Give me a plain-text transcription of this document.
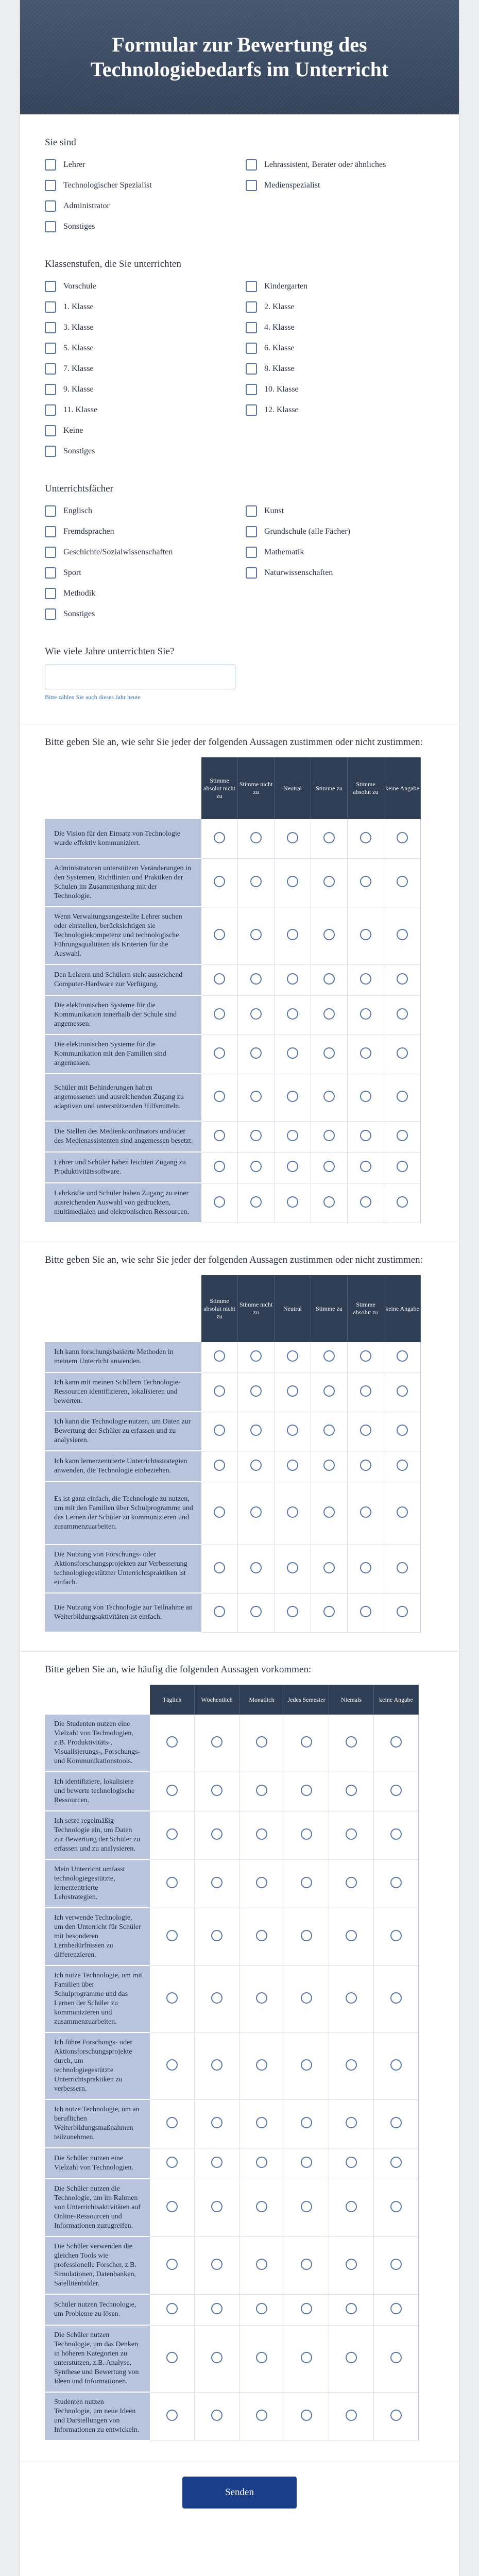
Formular zur Bewertung des Technologiebedarfs im Unterricht
Sie sind
Lehrer	Lehrassistent, Berater oder ähnliches
Technologischer Spezialist	Medienspezialist
Administrator
Sonstiges
Klassenstufen, die Sie unterrichten
Vorschule	Kindergarten
1. Klasse	2. Klasse
3. Klasse	4. Klasse
5. Klasse	6. Klasse
7. Klasse	8. Klasse
9. Klasse	10. Klasse
11. Klasse	12. Klasse
Keine
Sonstiges
Unterrichtsfächer
Englisch	Kunst
Fremdsprachen	Grundschule (alle Fächer)
Geschichte/Sozialwissenschaften	Mathematik
Sport	Naturwissenschaften
Methodik
Sonstiges
Wie viele Jahre unterrichten Sie?
Bitte zählen Sie auch dieses Jahr heute
Bitte geben Sie an, wie sehr Sie jeder der folgenden Aussagen zustimmen oder nicht zustimmen:
	Stimme absolut nicht zu	Stimme nicht zu	Neutral	Stimme zu	Stimme absolut zu	keine Angabe
Die Vision für den Einsatz von Technologie wurde effektiv kommuniziert.						
Administratoren unterstützen Veränderungen in den Systemen, Richtlinien und Praktiken der Schulen im Zusammenhang mit der Technologie.						
Wenn Verwaltungsangestellte Lehrer suchen oder einstellen, berücksichtigen sie Technologiekompetenz und technologische Führungsqualitäten als Kriterien für die Auswahl.						
Den Lehrern und Schülern steht ausreichend Computer-Hardware zur Verfügung.						
Die elektronischen Systeme für die Kommunikation innerhalb der Schule sind angemessen.						
Die elektronischen Systeme für die Kommunikation mit den Familien sind angemessen.						
Schüler mit Behinderungen haben angemessenen und ausreichenden Zugang zu adaptiven und unterstützenden Hilfsmitteln.						
Die Stellen des Medienkoordinators und/oder des Medienassistenten sind angemessen besetzt.						
Lehrer und Schüler haben leichten Zugang zu Produktivitätssoftware.						
Lehrkräfte und Schüler haben Zugang zu einer ausreichenden Auswahl von gedruckten, multimedialen und elektronischen Ressourcen.						
Bitte geben Sie an, wie sehr Sie jeder der folgenden Aussagen zustimmen oder nicht zustimmen:
	Stimme absolut nicht zu	Stimme nicht zu	Neutral	Stimme zu	Stimme absolut zu	keine Angabe
Ich kann forschungsbasierte Methoden in meinem Unterricht anwenden.						
Ich kann mit meinen Schülern Technologie-Ressourcen identifizieren, lokalisieren und bewerten.						
Ich kann die Technologie nutzen, um Daten zur Bewertung der Schüler zu erfassen und zu analysieren.						
Ich kann lernerzentrierte Unterrichtsstrategien anwenden, die Technologie einbeziehen.						
Es ist ganz einfach, die Technologie zu nutzen, um mit den Familien über Schulprogramme und das Lernen der Schüler zu kommunizieren und zusammenzuarbeiten.						
Die Nutzung von Forschungs- oder Aktionsforschungsprojekten zur Verbesserung technologiegestützter Unterrichtspraktiken ist einfach.						
Die Nutzung von Technologie zur Teilnahme an Weiterbildungsaktivitäten ist einfach.						
Bitte geben Sie an, wie häufig die folgenden Aussagen vorkommen:
	Täglich	Wöchentlich	Monatlich	Jedes Semester	Niemals	keine Angabe
Die Studenten nutzen eine Vielzahl von Technologien, z.B. Produktivitäts-, Visualisierungs-, Forschungs- und Kommunikationstools.						
Ich identifiziere, lokalisiere und bewerte technologische Ressourcen.						
Ich setze regelmäßig Technologie ein, um Daten zur Bewertung der Schüler zu erfassen und zu analysieren.						
Mein Unterricht umfasst technologiegestützte, lernerzentrierte Lehrstrategien.						
Ich verwende Technologie, um den Unterricht für Schüler mit besonderen Lernbedürfnissen zu differenzieren.						
Ich nutze Technologie, um mit Familien über Schulprogramme und das Lernen der Schüler zu kommunizieren und zusammenzuarbeiten.						
Ich führe Forschungs- oder Aktionsforschungsprojekte durch, um technologiegestützte Unterrichtspraktiken zu verbessern.						
Ich nutze Technologie, um an beruflichen Weiterbildungsmaßnahmen teilzunehmen.						
Die Schüler nutzen eine Vielzahl von Technologien.						
Die Schüler nutzen die Technologie, um im Rahmen von Unterrichtsaktivitäten auf Online-Ressourcen und Informationen zuzugreifen.						
Die Schüler verwenden die gleichen Tools wie professionelle Forscher, z.B. Simulationen, Datenbanken, Satellitenbilder.						
Schüler nutzen Technologie, um Probleme zu lösen.						
Die Schüler nutzen Technologie, um das Denken in höheren Kategorien zu unterstützen, z.B. Analyse, Synthese und Bewertung von Ideen und Informationen.						
Studenten nutzen Technologie, um neue Ideen und Darstellungen von Informationen zu entwickeln.						
Senden
